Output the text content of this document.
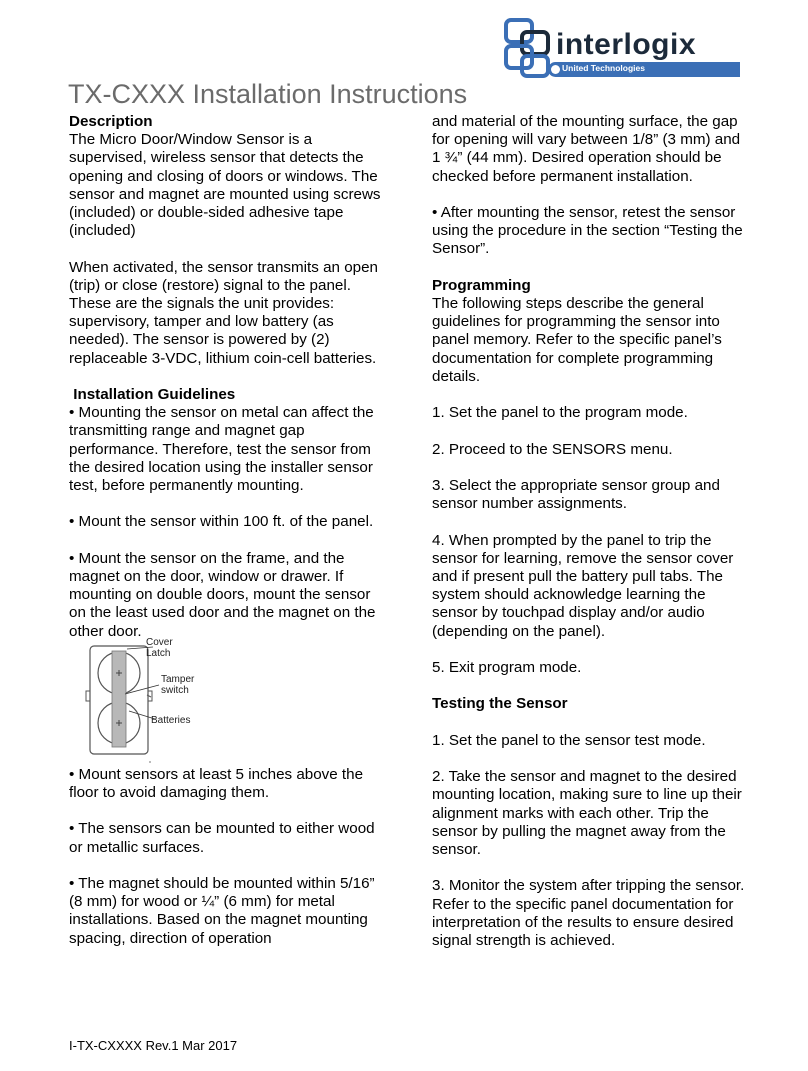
interlogix
United Technologies
TX-CXXX Installation Instructions
Description

The Micro Door/Window Sensor is a supervised, wireless sensor that detects the opening and closing of doors or windows. The sensor and magnet are mounted using screws (included) or double-sided adhesive tape (included)

When activated, the sensor transmits an open (trip) or close (restore) signal to the panel. These are the signals the unit provides: supervisory, tamper and low battery (as needed). The sensor is powered by (2) replaceable 3-VDC, lithium coin-cell batteries.

Installation Guidelines

• Mounting the sensor on metal can affect the transmitting range and magnet gap performance. Therefore, test the sensor from the desired location using the installer sensor test, before permanently mounting.

• Mount the sensor within 100 ft. of the panel.

• Mount the sensor on the frame, and the magnet on the door, window or drawer. If mounting on double doors, mount the sensor on the least used door and the magnet on the other door.

Cover Latch
Tamper switch
Batteries

• Mount sensors at least 5 inches above the floor to avoid damaging them.

• The sensors can be mounted to either wood or metallic surfaces.

• The magnet should be mounted within 5/16” (8 mm) for wood or ¼” (6 mm) for metal installations. Based on the magnet mounting spacing, direction of operation

and material of the mounting surface, the gap for opening will vary between 1/8” (3 mm) and 1 ¾” (44 mm). Desired operation should be checked before permanent installation.

• After mounting the sensor, retest the sensor using the procedure in the section “Testing the Sensor”.

Programming

The following steps describe the general guidelines for programming the sensor into panel memory. Refer to the specific panel’s documentation for complete programming details.

1. Set the panel to the program mode.

2. Proceed to the SENSORS menu.

3. Select the appropriate sensor group and sensor number assignments.

4. When prompted by the panel to trip the sensor for learning, remove the sensor cover and if present pull the battery pull tabs. The system should acknowledge learning the sensor by touchpad display and/or audio (depending on the panel).

5. Exit program mode.

Testing the Sensor

1. Set the panel to the sensor test mode.

2. Take the sensor and magnet to the desired mounting location, making sure to line up their alignment marks with each other. Trip the sensor by pulling the magnet away from the sensor.

3. Monitor the system after tripping the sensor. Refer to the specific panel documentation for interpretation of the results to ensure desired signal strength is achieved.

I-TX-CXXXX Rev.1 Mar 2017
